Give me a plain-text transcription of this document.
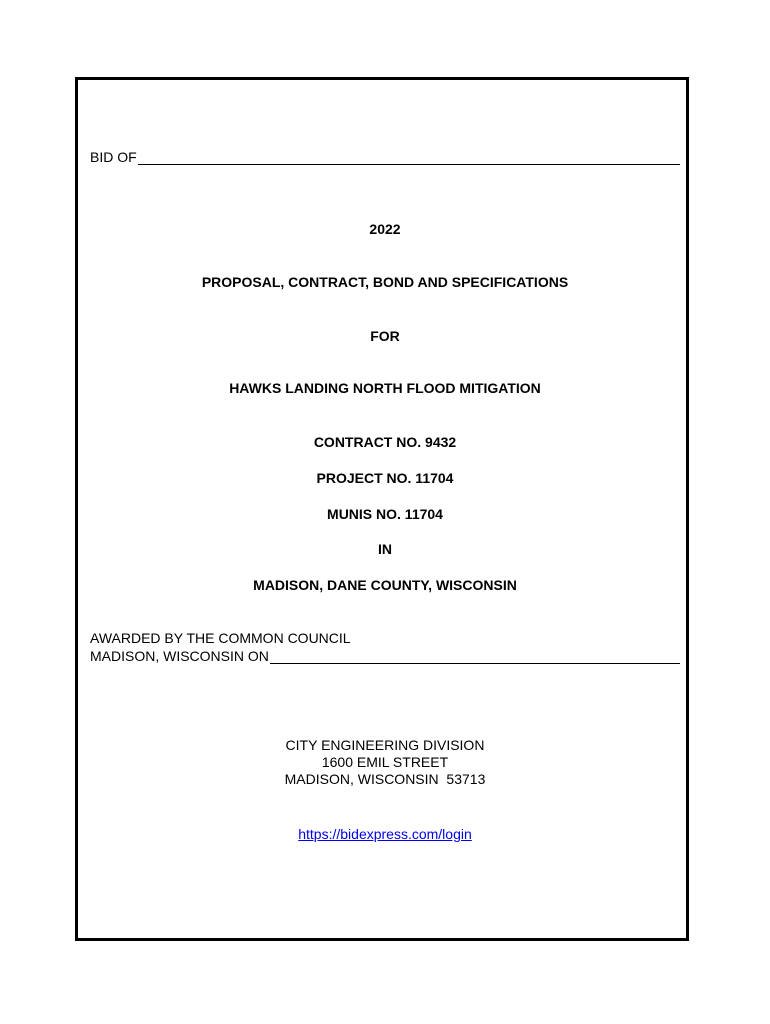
BID OF
2022
PROPOSAL, CONTRACT, BOND AND SPECIFICATIONS
FOR
HAWKS LANDING NORTH FLOOD MITIGATION
CONTRACT NO. 9432
PROJECT NO. 11704
MUNIS NO. 11704
IN
MADISON, DANE COUNTY, WISCONSIN
AWARDED BY THE COMMON COUNCIL
MADISON, WISCONSIN ON
CITY ENGINEERING DIVISION
1600 EMIL STREET
MADISON, WISCONSIN  53713
https://bidexpress.com/login
